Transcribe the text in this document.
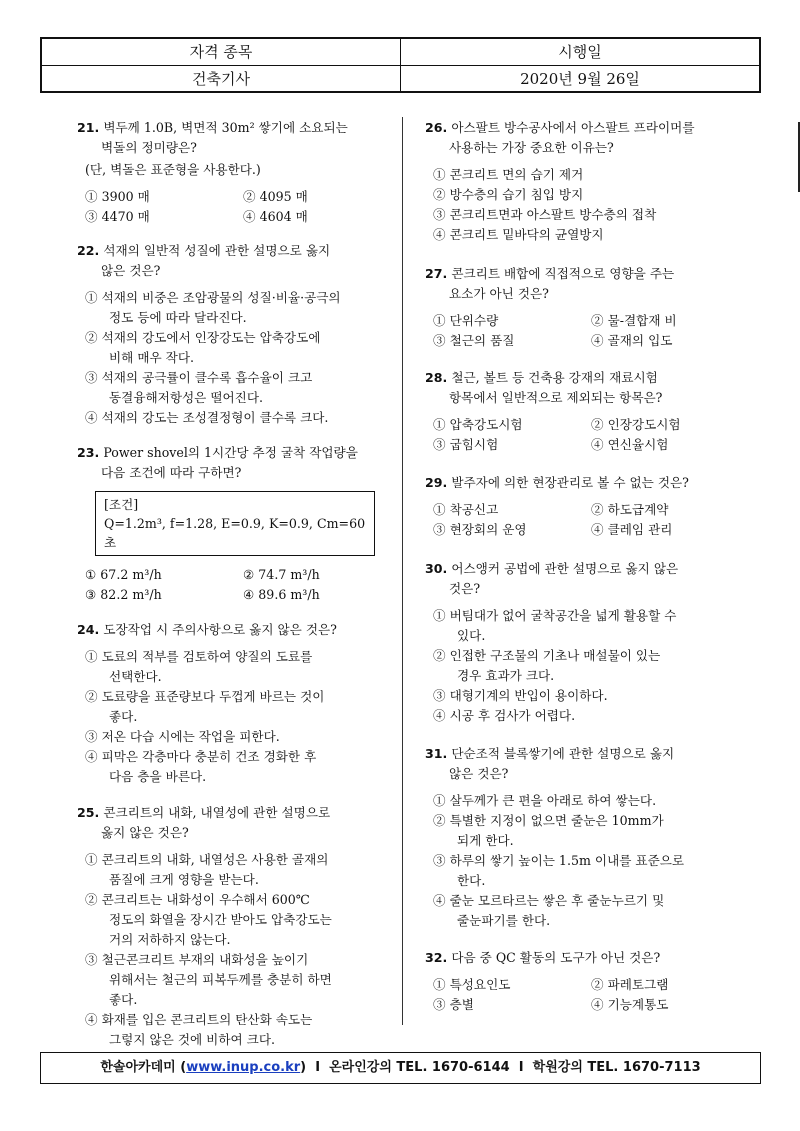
자격 종목	시행일
건축기사	2020년 9월 26일
21. 벽두께 1.0B, 벽면적 30m² 쌓기에 소요되는
벽돌의 정미량은?
(단, 벽돌은 표준형을 사용한다.)
① 3900 매	② 4095 매
③ 4470 매	④ 4604 매
22. 석재의 일반적 성질에 관한 설명으로 옳지
않은 것은?
① 석재의 비중은 조암광물의 성질·비율·공극의
정도 등에 따라 달라진다.
② 석재의 강도에서 인장강도는 압축강도에
비해 매우 작다.
③ 석재의 공극률이 클수록 흡수율이 크고
동결융해저항성은 떨어진다.
④ 석재의 강도는 조성결정형이 클수록 크다.
23. Power shovel의 1시간당 추정 굴착 작업량을
다음 조건에 따라 구하면?
[조건]
Q=1.2m³, f=1.28, E=0.9, K=0.9, Cm=60초
① 67.2 m³/h	② 74.7 m³/h
③ 82.2 m³/h	④ 89.6 m³/h
24. 도장작업 시 주의사항으로 옳지 않은 것은?
① 도료의 적부를 검토하여 양질의 도료를
선택한다.
② 도료량을 표준량보다 두껍게 바르는 것이
좋다.
③ 저온 다습 시에는 작업을 피한다.
④ 피막은 각층마다 충분히 건조 경화한 후
다음 층을 바른다.
25. 콘크리트의 내화, 내열성에 관한 설명으로
옳지 않은 것은?
① 콘크리트의 내화, 내열성은 사용한 골재의
품질에 크게 영향을 받는다.
② 콘크리트는 내화성이 우수해서 600℃
정도의 화열을 장시간 받아도 압축강도는
거의 저하하지 않는다.
③ 철근콘크리트 부재의 내화성을 높이기
위해서는 철근의 피복두께를 충분히 하면
좋다.
④ 화재를 입은 콘크리트의 탄산화 속도는
그렇지 않은 것에 비하여 크다.
26. 아스팔트 방수공사에서 아스팔트 프라이머를
사용하는 가장 중요한 이유는?
① 콘크리트 면의 습기 제거
② 방수층의 습기 침입 방지
③ 콘크리트면과 아스팔트 방수층의 접착
④ 콘크리트 밑바닥의 균열방지
27. 콘크리트 배합에 직접적으로 영향을 주는
요소가 아닌 것은?
① 단위수량	② 물-결합재 비
③ 철근의 품질	④ 골재의 입도
28. 철근, 볼트 등 건축용 강재의 재료시험
항목에서 일반적으로 제외되는 항목은?
① 압축강도시험	② 인장강도시험
③ 굽힘시험	④ 연신율시험
29. 발주자에 의한 현장관리로 볼 수 없는 것은?
① 착공신고	② 하도급계약
③ 현장회의 운영	④ 클레임 관리
30. 어스앵커 공법에 관한 설명으로 옳지 않은
것은?
① 버팀대가 없어 굴착공간을 넓게 활용할 수
있다.
② 인접한 구조물의 기초나 매설물이 있는
경우 효과가 크다.
③ 대형기계의 반입이 용이하다.
④ 시공 후 검사가 어렵다.
31. 단순조적 블록쌓기에 관한 설명으로 옳지
않은 것은?
① 살두께가 큰 편을 아래로 하여 쌓는다.
② 특별한 지정이 없으면 줄눈은 10mm가
되게 한다.
③ 하루의 쌓기 높이는 1.5m 이내를 표준으로
한다.
④ 줄눈 모르타르는 쌓은 후 줄눈누르기 및
줄눈파기를 한다.
32. 다음 중 QC 활동의 도구가 아닌 것은?
① 특성요인도	② 파레토그램
③ 층별	④ 기능계통도
한솔아카데미 (www.inup.co.kr) I 온라인강의 TEL. 1670-6144 I 학원강의 TEL. 1670-7113
